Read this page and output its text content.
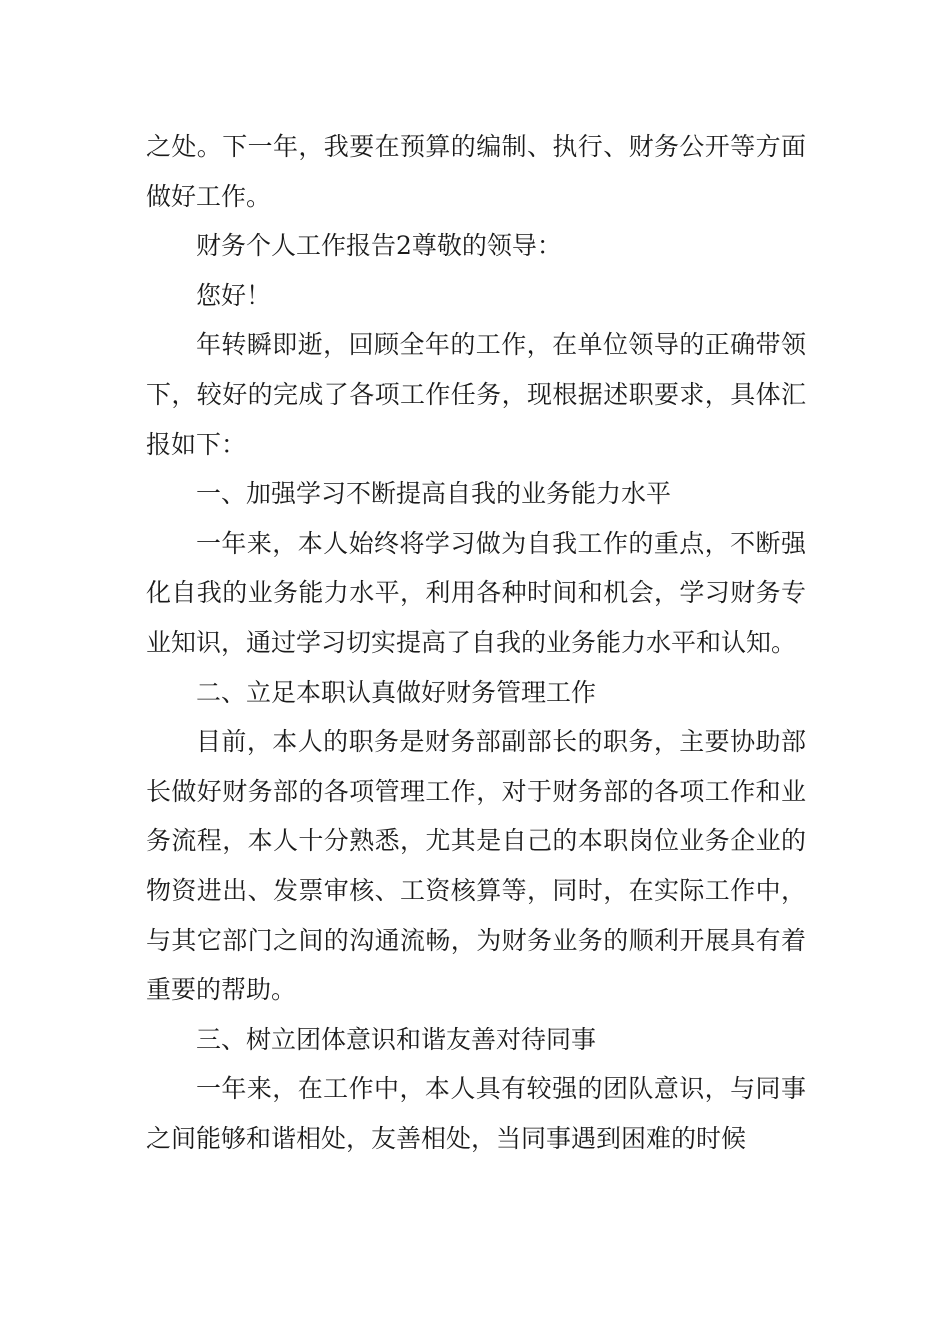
之处。下一年，我要在预算的编制、执行、财务公开等方面做好工作。

财务个人工作报告2尊敬的领导：

您好！

年转瞬即逝，回顾全年的工作，在单位领导的正确带领下，较好的完成了各项工作任务，现根据述职要求，具体汇报如下：

一、加强学习不断提高自我的业务能力水平

一年来，本人始终将学习做为自我工作的重点，不断强化自我的业务能力水平，利用各种时间和机会，学习财务专业知识，通过学习切实提高了自我的业务能力水平和认知。

二、立足本职认真做好财务管理工作

目前，本人的职务是财务部副部长的职务，主要协助部长做好财务部的各项管理工作，对于财务部的各项工作和业务流程，本人十分熟悉，尤其是自己的本职岗位业务企业的物资进出、发票审核、工资核算等，同时，在实际工作中，与其它部门之间的沟通流畅，为财务业务的顺利开展具有着重要的帮助。

三、树立团体意识和谐友善对待同事

一年来，在工作中，本人具有较强的团队意识，与同事之间能够和谐相处，友善相处，当同事遇到困难的时候
